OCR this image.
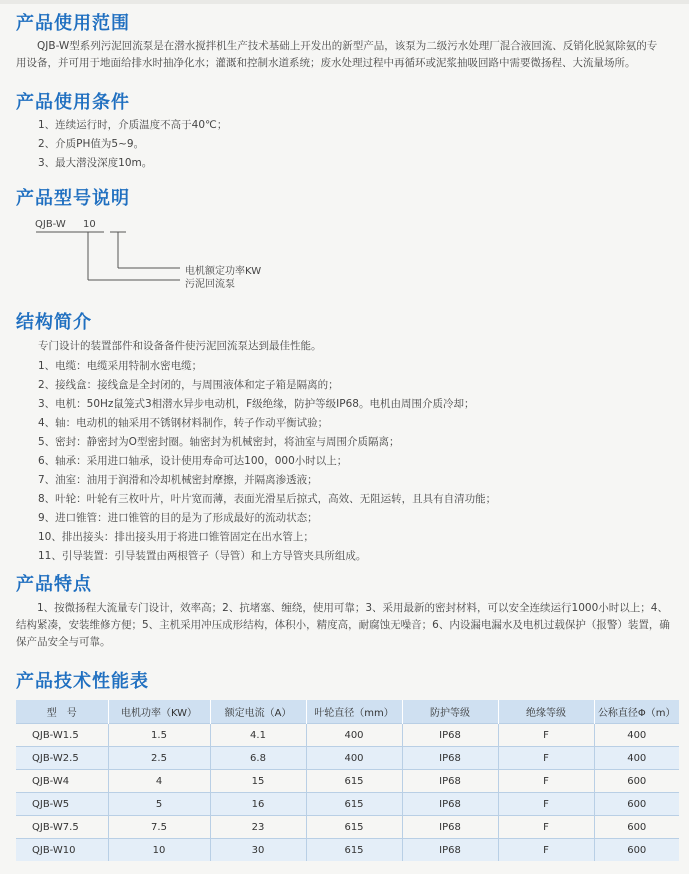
产品使用范围
QJB-W型系列污泥回流泵是在潜水搅拌机生产技术基础上开发出的新型产品，该泵为二级污水处理厂混合液回流、反销化脱氮除氨的专
用设备，并可用于地面给排水时抽净化水；灌溉和控制水道系统；废水处理过程中再循环或泥浆抽吸回路中需要微扬程、大流量场所。
产品使用条件
1、连续运行时，介质温度不高于40℃；
2、介质PH值为5~9。
3、最大潜没深度10m。
产品型号说明
QJB-W 10
电机额定功率KW
污泥回流泵
结构简介
专门设计的装置部件和设备备件使污泥回流泵达到最佳性能。
1、电缆：电缆采用特制水密电缆；
2、接线盒：接线盒是全封闭的，与周围液体和定子箱是隔离的；
3、电机：50Hz鼠笼式3相潜水异步电动机，F级绝缘，防护等级IP68。电机由周围介质冷却；
4、轴：电动机的轴采用不锈钢材料制作，转子作动平衡试验；
5、密封：静密封为O型密封圈。轴密封为机械密封，将油室与周围介质隔离；
6、轴承：采用进口轴承，设计使用寿命可达100，000小时以上；
7、油室：油用于润滑和冷却机械密封摩擦，并隔离渗透液；
8、叶轮：叶轮有三枚叶片，叶片宽而薄，表面光滑星后掠式，高效、无阻运转，且具有自清功能；
9、进口锥管：进口锥管的目的是为了形成最好的流动状态；
10、排出接头：排出接头用于将进口锥管固定在出水管上；
11、引导装置：引导装置由两根管子（导管）和上方导管夹具所组成。
产品特点
1、按微扬程大流量专门设计，效率高；2、抗堵塞、缠绕，使用可靠；3、采用最新的密封材料，可以安全连续运行1000小时以上；4、
结构紧凑，安装维修方便；5、主机采用冲压成形结构，体积小，精度高，耐腐蚀无噪音；6、内设漏电漏水及电机过载保护（报警）装置，确
保产品安全与可靠。
产品技术性能表
型　号	电机功率（KW）	额定电流（A）	叶轮直径（mm）	防护等级	绝缘等级	公称直径Φ（m）
QJB-W1.5	1.5	4.1	400	IP68	F	400
QJB-W2.5	2.5	6.8	400	IP68	F	400
QJB-W4	4	15	615	IP68	F	600
QJB-W5	5	16	615	IP68	F	600
QJB-W7.5	7.5	23	615	IP68	F	600
QJB-W10	10	30	615	IP68	F	600
